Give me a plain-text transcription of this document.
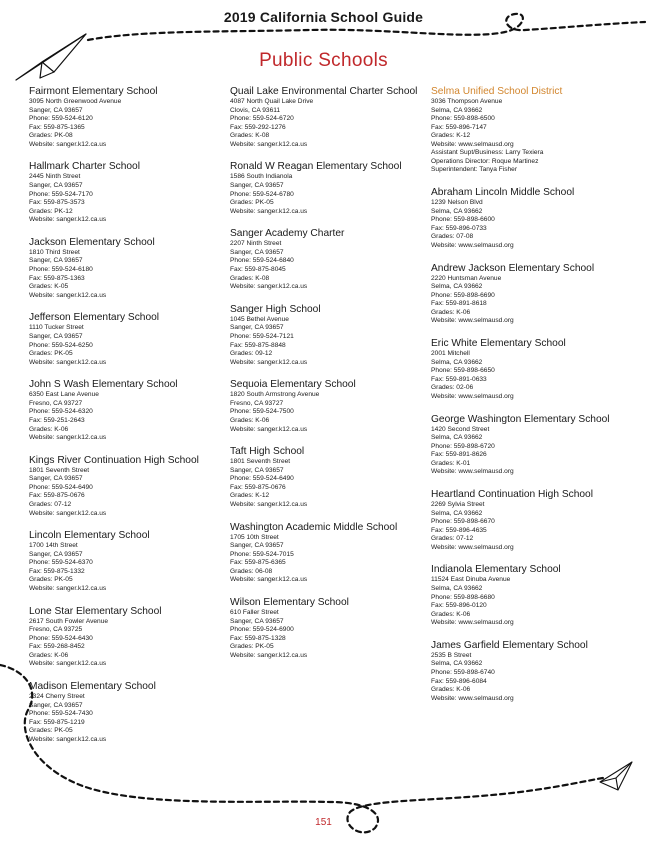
2019 California School Guide
Public Schools
Fairmont Elementary School
3095 North Greenwood Avenue
Sanger, CA 93657
Phone: 559-524-6120
Fax: 559-875-1365
Grades: PK-08
Website: sanger.k12.ca.us
Hallmark Charter School
2445 Ninth Street
Sanger, CA 93657
Phone: 559-524-7170
Fax: 559-875-3573
Grades: PK-12
Website: sanger.k12.ca.us
Jackson Elementary School
1810 Third Street
Sanger, CA 93657
Phone: 559-524-6180
Fax: 559-875-1363
Grades: K-05
Website: sanger.k12.ca.us
Jefferson Elementary School
1110 Tucker Street
Sanger, CA 93657
Phone: 559-524-6250
Grades: PK-05
Website: sanger.k12.ca.us
John S Wash Elementary School
6350 East Lane Avenue
Fresno, CA 93727
Phone: 559-524-6320
Fax: 559-251-2643
Grades: K-06
Website: sanger.k12.ca.us
Kings River Continuation High School
1801 Seventh Street
Sanger, CA 93657
Phone: 559-524-6490
Fax: 559-875-0676
Grades: 07-12
Website: sanger.k12.ca.us
Lincoln Elementary School
1700 14th Street
Sanger, CA 93657
Phone: 559-524-6370
Fax: 559-875-1332
Grades: PK-05
Website: sanger.k12.ca.us
Lone Star Elementary School
2617 South Fowler Avenue
Fresno, CA 93725
Phone: 559-524-6430
Fax: 559-268-8452
Grades: K-06
Website: sanger.k12.ca.us
Madison Elementary School
2324 Cherry Street
Sanger, CA 93657
Phone: 559-524-7430
Fax: 559-875-1219
Grades: PK-05
Website: sanger.k12.ca.us
Quail Lake Environmental Charter School
4087 North Quail Lake Drive
Clovis, CA 93611
Phone: 559-524-6720
Fax: 559-292-1276
Grades: K-08
Website: sanger.k12.ca.us
Ronald W Reagan Elementary School
1586 South Indianola
Sanger, CA 93657
Phone: 559-524-6780
Grades: PK-05
Website: sanger.k12.ca.us
Sanger Academy Charter
2207 Ninth Street
Sanger, CA 93657
Phone: 559-524-6840
Fax: 559-875-8045
Grades: K-08
Website: sanger.k12.ca.us
Sanger High School
1045 Bethel Avenue
Sanger, CA 93657
Phone: 559-524-7121
Fax: 559-875-8848
Grades: 09-12
Website: sanger.k12.ca.us
Sequoia Elementary School
1820 South Armstrong Avenue
Fresno, CA 93727
Phone: 559-524-7500
Grades: K-06
Website: sanger.k12.ca.us
Taft High School
1801 Seventh Street
Sanger, CA 93657
Phone: 559-524-6490
Fax: 559-875-0676
Grades: K-12
Website: sanger.k12.ca.us
Washington Academic Middle School
1705 10th Street
Sanger, CA 93657
Phone: 559-524-7015
Fax: 559-875-6365
Grades: 06-08
Website: sanger.k12.ca.us
Wilson Elementary School
610 Faller Street
Sanger, CA 93657
Phone: 559-524-6900
Fax: 559-875-1328
Grades: PK-05
Website: sanger.k12.ca.us
Selma Unified School District
3036 Thompson Avenue
Selma, CA 93662
Phone: 559-898-6500
Fax: 559-896-7147
Grades: K-12
Website: www.selmausd.org
Assistant Supt/Business: Larry Texiera
Operations Director: Roque Martinez
Superintendent: Tanya Fisher
Abraham Lincoln Middle School
1239 Nelson Blvd
Selma, CA 93662
Phone: 559-898-6600
Fax: 559-896-0733
Grades: 07-08
Website: www.selmausd.org
Andrew Jackson Elementary School
2220 Huntsman Avenue
Selma, CA 93662
Phone: 559-898-6690
Fax: 559-891-8618
Grades: K-06
Website: www.selmausd.org
Eric White Elementary School
2001 Mitchell
Selma, CA 93662
Phone: 559-898-6650
Fax: 559-891-0633
Grades: 02-06
Website: www.selmausd.org
George Washington Elementary School
1420 Second Street
Selma, CA 93662
Phone: 559-898-6720
Fax: 559-891-8626
Grades: K-01
Website: www.selmausd.org
Heartland Continuation High School
2269 Sylvia Street
Selma, CA 93662
Phone: 559-898-6670
Fax: 559-896-4635
Grades: 07-12
Website: www.selmausd.org
Indianola Elementary School
11524 East Dinuba Avenue
Selma, CA 93662
Phone: 559-898-6680
Fax: 559-896-0120
Grades: K-06
Website: www.selmausd.org
James Garfield Elementary School
2535 B Street
Selma, CA 93662
Phone: 559-898-6740
Fax: 559-896-6084
Grades: K-06
Website: www.selmausd.org
151
